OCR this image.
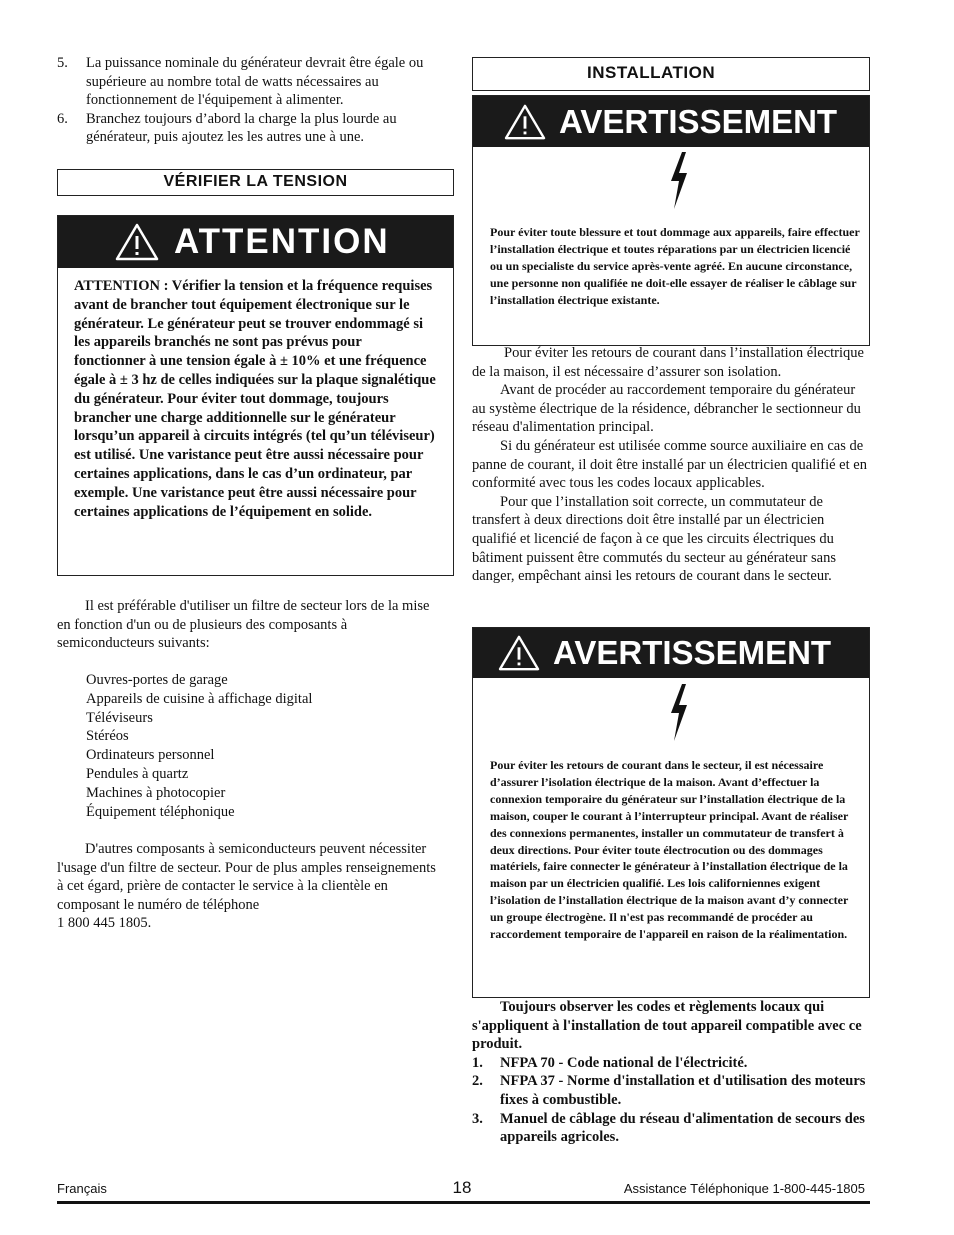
5.	La puissance nominale du générateur devrait être égale ou supérieure au nombre total de watts nécessaires au fonctionnement de l'équipement à alimenter.
6.	Branchez toujours d’abord la charge la plus lourde au générateur, puis ajoutez les les autres une à une.
VÉRIFIER LA TENSION
ATTENTION
ATTENTION : Vérifier la tension et la fréquence requises avant de brancher tout équipement électronique sur le générateur. Le générateur peut se trouver endommagé si les appareils branchés ne sont pas prévus pour fonctionner à une tension égale à ± 10% et une fréquence égale à ± 3 hz de celles indiquées sur la plaque signalétique du générateur. Pour éviter tout dommage, toujours brancher une charge additionnelle sur le générateur lorsqu’un appareil à circuits intégrés (tel qu’un téléviseur) est utilisé. Une varistance peut être aussi nécessaire pour certaines applications, dans le cas d’un ordinateur, par exemple. Une varistance peut être aussi nécessaire pour certaines applications de l’équipement en solide.
Il est préférable d'utiliser un filtre de secteur lors de la mise en fonction d'un ou de plusieurs des composants à semiconducteurs suivants:
Ouvres-portes de garage
Appareils de cuisine à affichage digital
Téléviseurs
Stéréos
Ordinateurs personnel
Pendules à quartz
Machines à photocopier
Équipement téléphonique
D'autres composants à semiconducteurs peuvent nécessiter l'usage d'un filtre de secteur. Pour de plus amples renseignements à cet égard, prière de contacter le service à la clientèle en composant le numéro de téléphone
1 800 445 1805.
INSTALLATION
AVERTISSEMENT
Pour éviter toute blessure et tout dommage aux appareils, faire effectuer l’installation électrique et toutes réparations par un électricien licencié ou un specialiste du service après-vente agréé. En aucune circonstance, une personne non qualifiée ne doit-elle essayer de réaliser le câblage sur l’installation électrique existante.
Pour éviter les retours de courant dans l’installation électrique de la maison, il est nécessaire d’assurer son isolation.
Avant de procéder au raccordement temporaire du générateur au système électrique de la résidence, débrancher le sectionneur du réseau d'alimentation principal.
Si du générateur est utilisée comme source auxiliaire en cas de panne de courant, il doit être installé par un électricien qualifié et en conformité avec tous les codes locaux applicables.
Pour que l’installation soit correcte, un commutateur de transfert à deux directions doit être installé par un électricien qualifié et licencié de façon à ce que les circuits électriques du bâtiment puissent être commutés du secteur au générateur sans danger, empêchant ainsi les retours de courant dans le secteur.
AVERTISSEMENT
Pour éviter les retours de courant dans le secteur, il est nécessaire d’assurer l’isolation électrique de la maison. Avant d’effectuer la connexion temporaire du générateur sur l’installation électrique de la maison, couper le courant à l’interrupteur principal. Avant de réaliser des connexions permanentes, installer un commutateur de transfert à deux directions. Pour éviter toute électrocution ou des dommages matériels, faire connecter le générateur à l’installation électrique de la maison par un électricien qualifié. Les lois californiennes exigent l’isolation de l’installation électrique de la maison avant d’y connecter un groupe électrogène. Il n'est pas recommandé de procéder au raccordement temporaire de l'appareil en raison de la réalimentation.
Toujours observer les codes et règlements locaux qui s'appliquent à l'installation de tout appareil compatible avec ce produit.
1.	NFPA 70 - Code national de l'électricité.
2.	NFPA 37 - Norme d'installation et d'utilisation des moteurs fixes à combustible.
3.	Manuel de câblage du réseau d'alimentation de secours des appareils agricoles.
Français	18	Assistance Téléphonique 1-800-445-1805
